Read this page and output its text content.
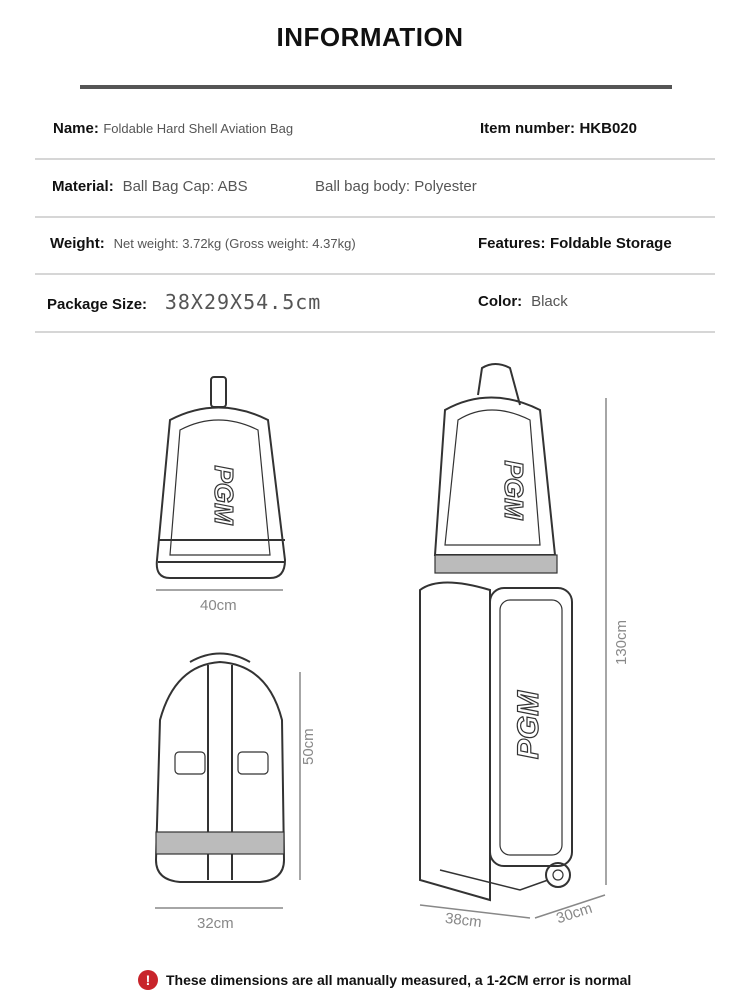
INFORMATION
Name: Foldable Hard Shell Aviation Bag	Item number: HKB020
Material: Ball Bag Cap: ABS	Ball bag body: Polyester
Weight: Net weight: 3.72kg (Gross weight: 4.37kg)	Features: Foldable Storage
Package Size: 38X29X54.5cm	Color: Black
PGM	PGM
PGM
40cm
32cm
50cm
130cm
38cm	30cm
!	These dimensions are all manually measured, a 1-2CM error is normal
